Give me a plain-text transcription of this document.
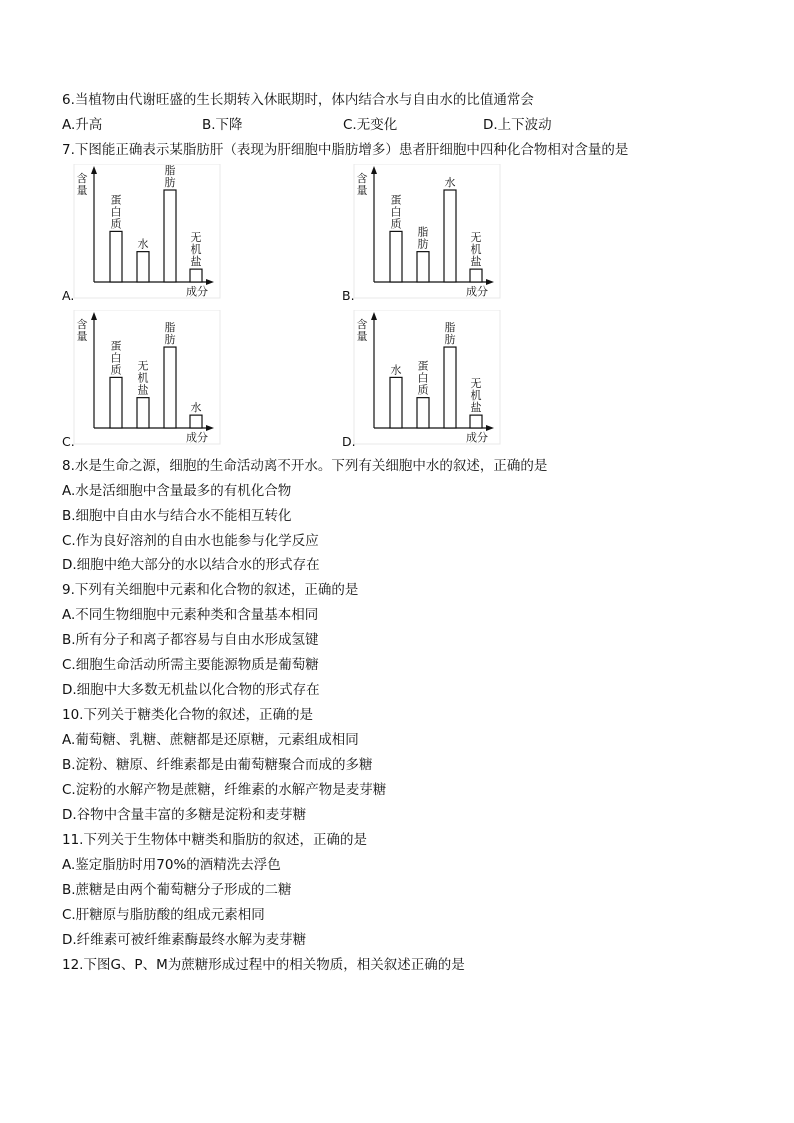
6.当植物由代谢旺盛的生长期转入休眠期时，体内结合水与自由水的比值通常会
A.升高	B.下降	C.无变化	D.上下波动
7.下图能正确表示某脂肪肝（表现为肝细胞中脂肪增多）患者肝细胞中四种化合物相对含量的是
含
量
成分
A.
蛋
白
质
水
脂
肪
无
机
盐
含
量
成分
B.
蛋
白
质
脂
肪
水
无
机
盐
含
量
成分
C.
蛋
白
质 无
机
盐
脂
肪
水
含
量
成分
D.
水 蛋
白
质
脂
肪
无
机
盐
8.水是生命之源，细胞的生命活动离不开水。下列有关细胞中水的叙述，正确的是
A.水是活细胞中含量最多的有机化合物
B.细胞中自由水与结合水不能相互转化
C.作为良好溶剂的自由水也能参与化学反应
D.细胞中绝大部分的水以结合水的形式存在
9.下列有关细胞中元素和化合物的叙述，正确的是
A.不同生物细胞中元素种类和含量基本相同
B.所有分子和离子都容易与自由水形成氢键
C.细胞生命活动所需主要能源物质是葡萄糖
D.细胞中大多数无机盐以化合物的形式存在
10.下列关于糖类化合物的叙述，正确的是
A.葡萄糖、乳糖、蔗糖都是还原糖，元素组成相同
B.淀粉、糖原、纤维素都是由葡萄糖聚合而成的多糖
C.淀粉的水解产物是蔗糖，纤维素的水解产物是麦芽糖
D.谷物中含量丰富的多糖是淀粉和麦芽糖
11.下列关于生物体中糖类和脂肪的叙述，正确的是
A.鉴定脂肪时用70%的酒精洗去浮色
B.蔗糖是由两个葡萄糖分子形成的二糖
C.肝糖原与脂肪酸的组成元素相同
D.纤维素可被纤维素酶最终水解为麦芽糖
12.下图G、P、M为蔗糖形成过程中的相关物质，相关叙述正确的是
